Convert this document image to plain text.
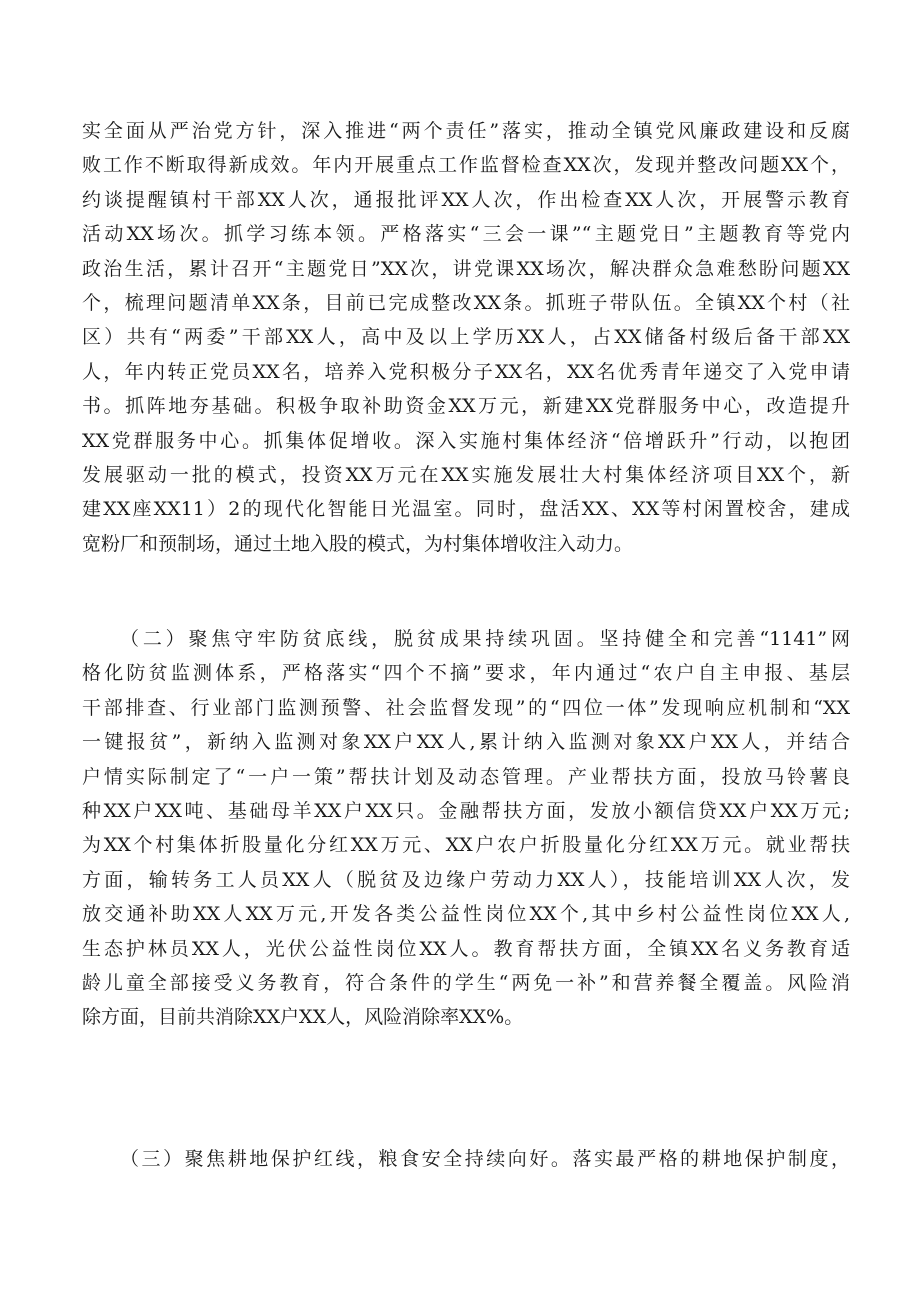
实全面从严治党方针，深入推进“两个责任”落实，推动全镇党风廉政建设和反腐
败工作不断取得新成效。年内开展重点工作监督检查XX次，发现并整改问题XX个，
约谈提醒镇村干部XX人次，通报批评XX人次，作出检查XX人次，开展警示教育
活动XX场次。抓学习练本领。严格落实“三会一课”“主题党日”主题教育等党内
政治生活，累计召开“主题党日”XX次，讲党课XX场次，解决群众急难愁盼问题XX
个，梳理问题清单XX条，目前已完成整改XX条。抓班子带队伍。全镇XX个村（社
区）共有“两委”干部XX人，高中及以上学历XX人，占XX储备村级后备干部XX
人，年内转正党员XX名，培养入党积极分子XX名，XX名优秀青年递交了入党申请
书。抓阵地夯基础。积极争取补助资金XX万元，新建XX党群服务中心，改造提升
XX党群服务中心。抓集体促增收。深入实施村集体经济“倍增跃升”行动，以抱团
发展驱动一批的模式，投资XX万元在XX实施发展壮大村集体经济项目XX个，新
建XX座XX11）2的现代化智能日光温室。同时，盘活XX、XX等村闲置校舍，建成
宽粉厂和预制场，通过土地入股的模式，为村集体增收注入动力。
（二）聚焦守牢防贫底线，脱贫成果持续巩固。坚持健全和完善“1141”网
格化防贫监测体系，严格落实“四个不摘”要求，年内通过“农户自主申报、基层
干部排查、行业部门监测预警、社会监督发现”的“四位一体”发现响应机制和“XX
一键报贫”，新纳入监测对象XX户XX人,累计纳入监测对象XX户XX人，并结合
户情实际制定了“一户一策”帮扶计划及动态管理。产业帮扶方面，投放马铃薯良
种XX户XX吨、基础母羊XX户XX只。金融帮扶方面，发放小额信贷XX户XX万元;
为XX个村集体折股量化分红XX万元、XX户农户折股量化分红XX万元。就业帮扶
方面，输转务工人员XX人（脱贫及边缘户劳动力XX人），技能培训XX人次，发
放交通补助XX人XX万元,开发各类公益性岗位XX个,其中乡村公益性岗位XX人,
生态护林员XX人，光伏公益性岗位XX人。教育帮扶方面，全镇XX名义务教育适
龄儿童全部接受义务教育，符合条件的学生“两免一补”和营养餐全覆盖。风险消
除方面，目前共消除XX户XX人，风险消除率XX%。
（三）聚焦耕地保护红线，粮食安全持续向好。落实最严格的耕地保护制度，
